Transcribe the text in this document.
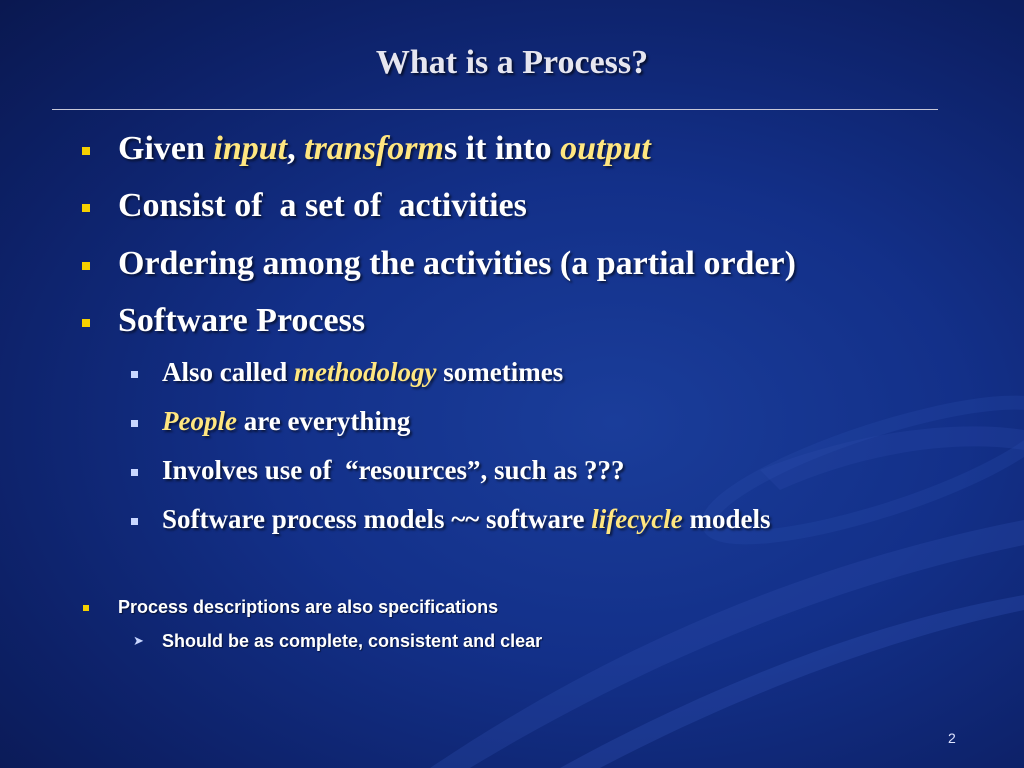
What is a Process?
Given input, transforms it into output
Consist of  a set of  activities
Ordering among the activities (a partial order)
Software Process
Also called methodology sometimes
People are everything
Involves use of  “resources”, such as ???
Software process models ~~ software lifecycle models
Process descriptions are also specifications
➤ Should be as complete, consistent and clear
2
